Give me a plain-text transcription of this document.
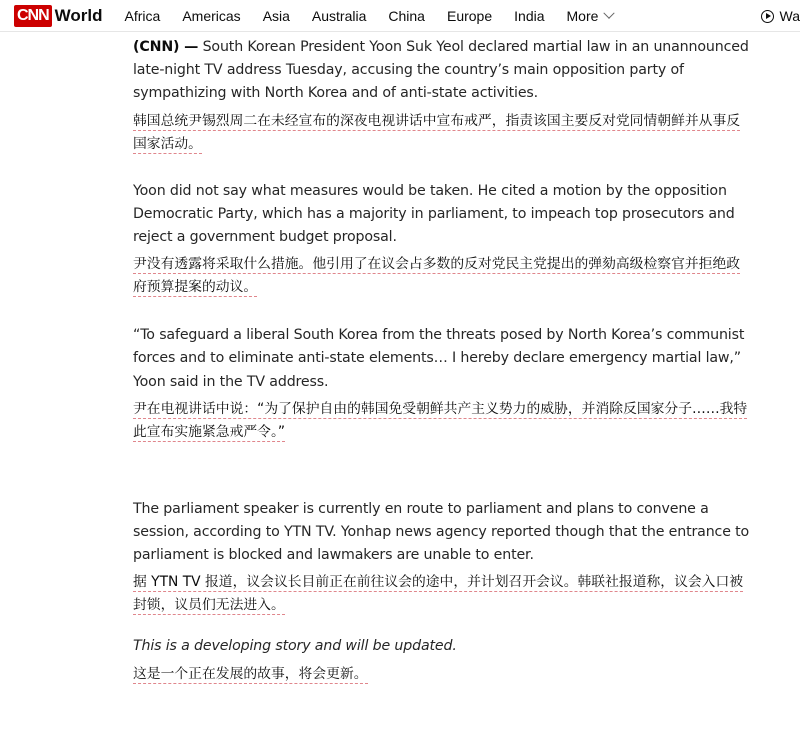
CNN World Africa Americas Asia Australia China Europe India More	Wa
(CNN) — South Korean President Yoon Suk Yeol declared martial law in an unannounced late-night TV address Tuesday, accusing the country’s main opposition party of sympathizing with North Korea and of anti-state activities.
韩国总统尹锡烈周二在未经宣布的深夜电视讲话中宣布戒严，指责该国主要反对党同情朝鲜并从事反国家活动。
Yoon did not say what measures would be taken. He cited a motion by the opposition Democratic Party, which has a majority in parliament, to impeach top prosecutors and reject a government budget proposal.
尹没有透露将采取什么措施。他引用了在议会占多数的反对党民主党提出的弹劾高级检察官并拒绝政府预算提案的动议。
“To safeguard a liberal South Korea from the threats posed by North Korea’s communist forces and to eliminate anti-state elements… I hereby declare emergency martial law,” Yoon said in the TV address.
尹在电视讲话中说：“为了保护自由的韩国免受朝鲜共产主义势力的威胁，并消除反国家分子……我特此宣布实施紧急戒严令。”
The parliament speaker is currently en route to parliament and plans to convene a session, according to YTN TV. Yonhap news agency reported though that the entrance to parliament is blocked and lawmakers are unable to enter.
据 YTN TV 报道，议会议长目前正在前往议会的途中，并计划召开会议。韩联社报道称，议会入口被封锁，议员们无法进入。
This is a developing story and will be updated.
这是一个正在发展的故事，将会更新。
